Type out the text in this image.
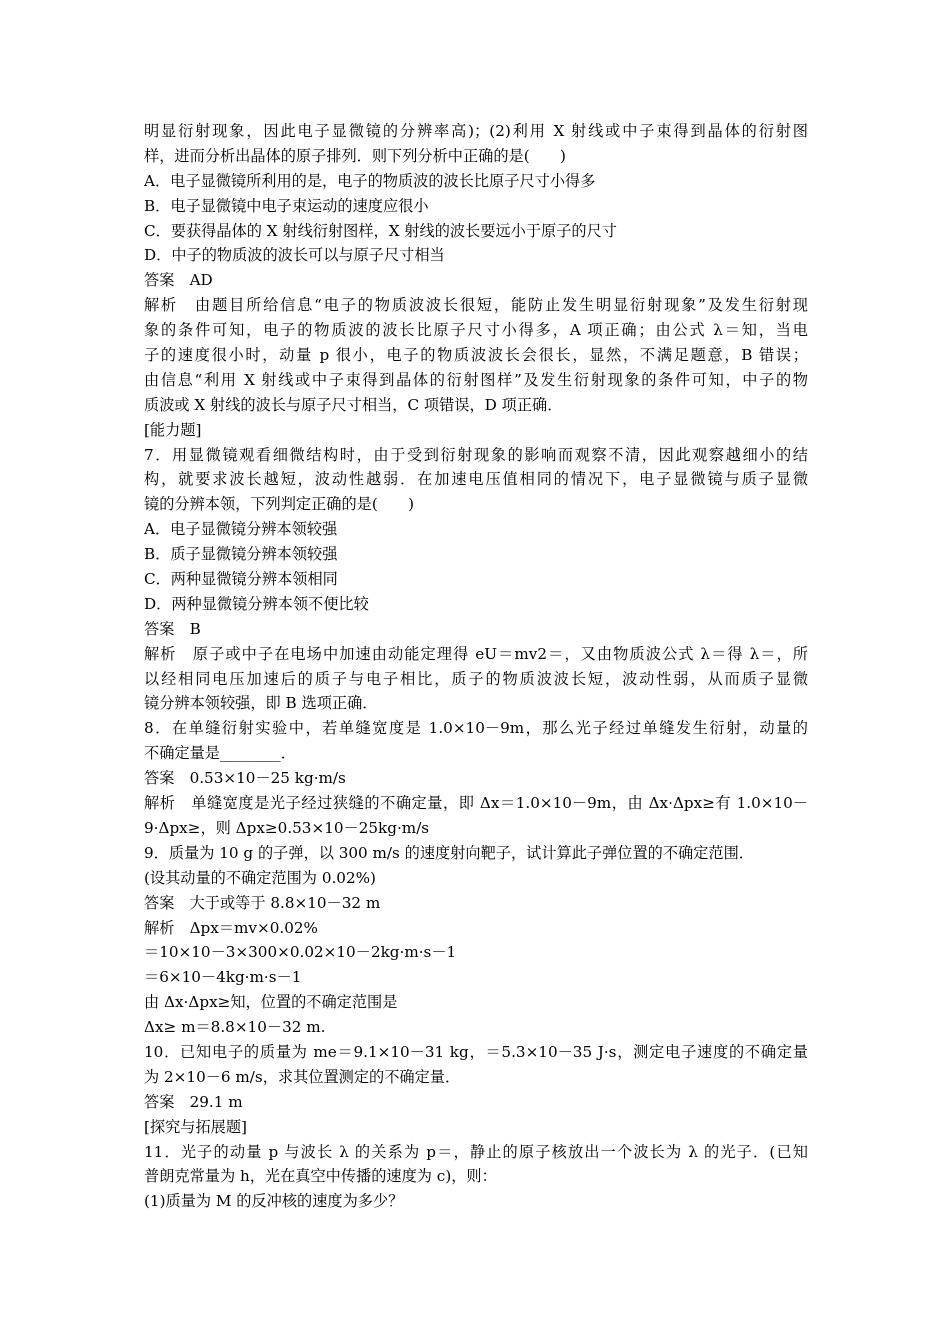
明显衍射现象，因此电子显微镜的分辨率高)；(2)利用 X 射线或中子束得到晶体的衍射图
样，进而分析出晶体的原子排列．则下列分析中正确的是(　　)
A．电子显微镜所利用的是，电子的物质波的波长比原子尺寸小得多
B．电子显微镜中电子束运动的速度应很小
C．要获得晶体的 X 射线衍射图样，X 射线的波长要远小于原子的尺寸
D．中子的物质波的波长可以与原子尺寸相当
答案　AD
解析　由题目所给信息“电子的物质波波长很短，能防止发生明显衍射现象”及发生衍射现
象的条件可知，电子的物质波的波长比原子尺寸小得多，A 项正确；由公式 λ＝知，当电
子的速度很小时，动量 p 很小，电子的物质波波长会很长，显然，不满足题意，B 错误；
由信息“利用 X 射线或中子束得到晶体的衍射图样”及发生衍射现象的条件可知，中子的物
质波或 X 射线的波长与原子尺寸相当，C 项错误，D 项正确．
[能力题]
7．用显微镜观看细微结构时，由于受到衍射现象的影响而观察不清，因此观察越细小的结
构，就要求波长越短，波动性越弱．在加速电压值相同的情况下，电子显微镜与质子显微
镜的分辨本领，下列判定正确的是(　　)
A．电子显微镜分辨本领较强
B．质子显微镜分辨本领较强
C．两种显微镜分辨本领相同
D．两种显微镜分辨本领不便比较
答案　B
解析　原子或中子在电场中加速由动能定理得 eU＝mv2＝，又由物质波公式 λ＝得 λ＝，所
以经相同电压加速后的质子与电子相比，质子的物质波波长短，波动性弱，从而质子显微
镜分辨本领较强，即 B 选项正确．
8．在单缝衍射实验中，若单缝宽度是 1.0×10－9m，那么光子经过单缝发生衍射，动量的
不确定量是________．
答案　0.53×10－25 kg·m/s
解析　单缝宽度是光子经过狭缝的不确定量，即 Δx＝1.0×10－9m，由 Δx·Δpx≥有 1.0×10－
9·Δpx≥，则 Δpx≥0.53×10－25kg·m/s
9．质量为 10 g 的子弹，以 300 m/s 的速度射向靶子，试计算此子弹位置的不确定范围．
(设其动量的不确定范围为 0.02%)
答案　大于或等于 8.8×10－32 m
解析　Δpx＝mv×0.02%
＝10×10－3×300×0.02×10－2kg·m·s－1
＝6×10－4kg·m·s－1
由 Δx·Δpx≥知，位置的不确定范围是
Δx≥ m＝8.8×10－32 m.
10．已知电子的质量为 me＝9.1×10－31 kg，＝5.3×10－35 J·s，测定电子速度的不确定量
为 2×10－6 m/s，求其位置测定的不确定量．
答案　29.1 m
[探究与拓展题]
11．光子的动量 p 与波长 λ 的关系为 p＝，静止的原子核放出一个波长为 λ 的光子．(已知
普朗克常量为 h，光在真空中传播的速度为 c)，则：
(1)质量为 M 的反冲核的速度为多少？
